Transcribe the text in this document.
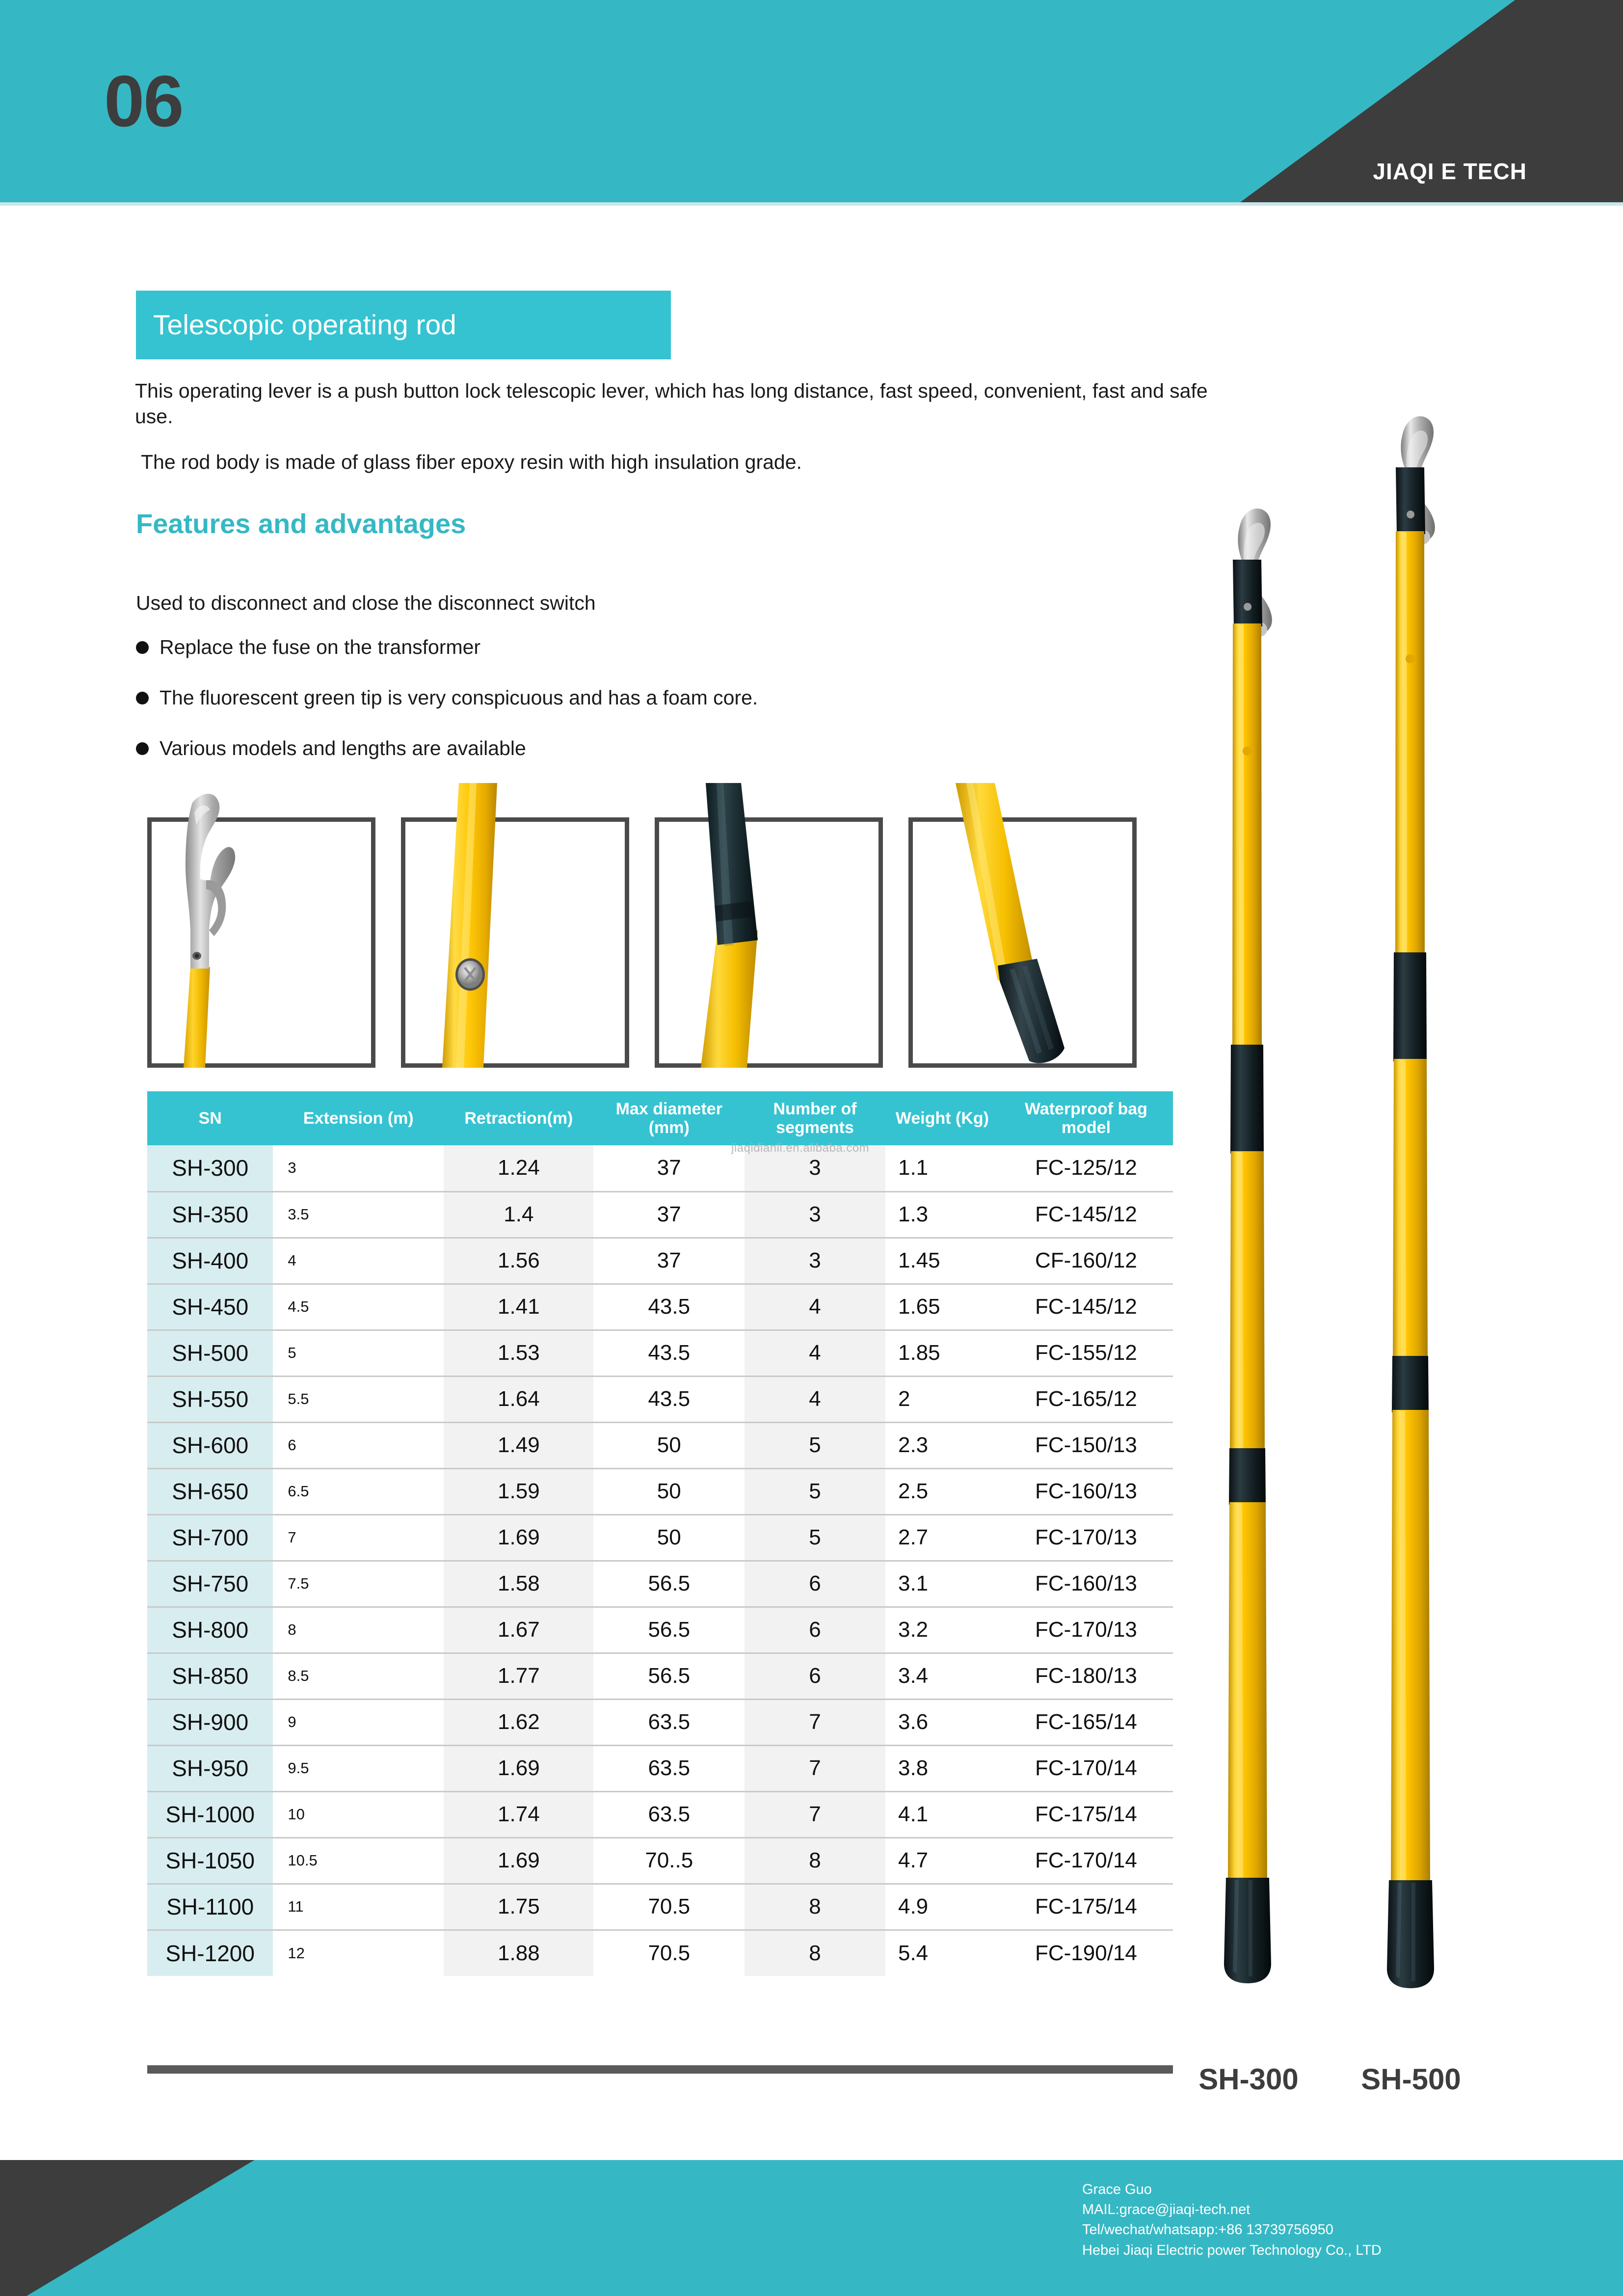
06
JIAQI E TECH
Telescopic operating rod
This operating lever is a push button lock telescopic lever, which has long distance, fast speed, convenient, fast and safe use.
The rod body is made of glass fiber epoxy resin with high insulation grade.
Features and advantages
Used to disconnect and close the disconnect switch
Replace the fuse on the transformer
The fluorescent green tip is very conspicuous and has a foam core.
Various models and lengths are available
SN	Extension (m)	Retraction(m)	Max diameter (mm)	Number of segments	Weight (Kg)	Waterproof bag model
SH-300	3	1.24	37	3	1.1	FC-125/12
SH-350	3.5	1.4	37	3	1.3	FC-145/12
SH-400	4	1.56	37	3	1.45	CF-160/12
SH-450	4.5	1.41	43.5	4	1.65	FC-145/12
SH-500	5	1.53	43.5	4	1.85	FC-155/12
SH-550	5.5	1.64	43.5	4	2	FC-165/12
SH-600	6	1.49	50	5	2.3	FC-150/13
SH-650	6.5	1.59	50	5	2.5	FC-160/13
SH-700	7	1.69	50	5	2.7	FC-170/13
SH-750	7.5	1.58	56.5	6	3.1	FC-160/13
SH-800	8	1.67	56.5	6	3.2	FC-170/13
SH-850	8.5	1.77	56.5	6	3.4	FC-180/13
SH-900	9	1.62	63.5	7	3.6	FC-165/14
SH-950	9.5	1.69	63.5	7	3.8	FC-170/14
SH-1000	10	1.74	63.5	7	4.1	FC-175/14
SH-1050	10.5	1.69	70..5	8	4.7	FC-170/14
SH-1100	11	1.75	70.5	8	4.9	FC-175/14
SH-1200	12	1.88	70.5	8	5.4	FC-190/14
jiaqidianli.en.alibaba.com
SH-300	SH-500
Grace Guo
MAIL:grace@jiaqi-tech.net
Tel/wechat/whatsapp:+86 13739756950
Hebei Jiaqi Electric power Technology Co., LTD
